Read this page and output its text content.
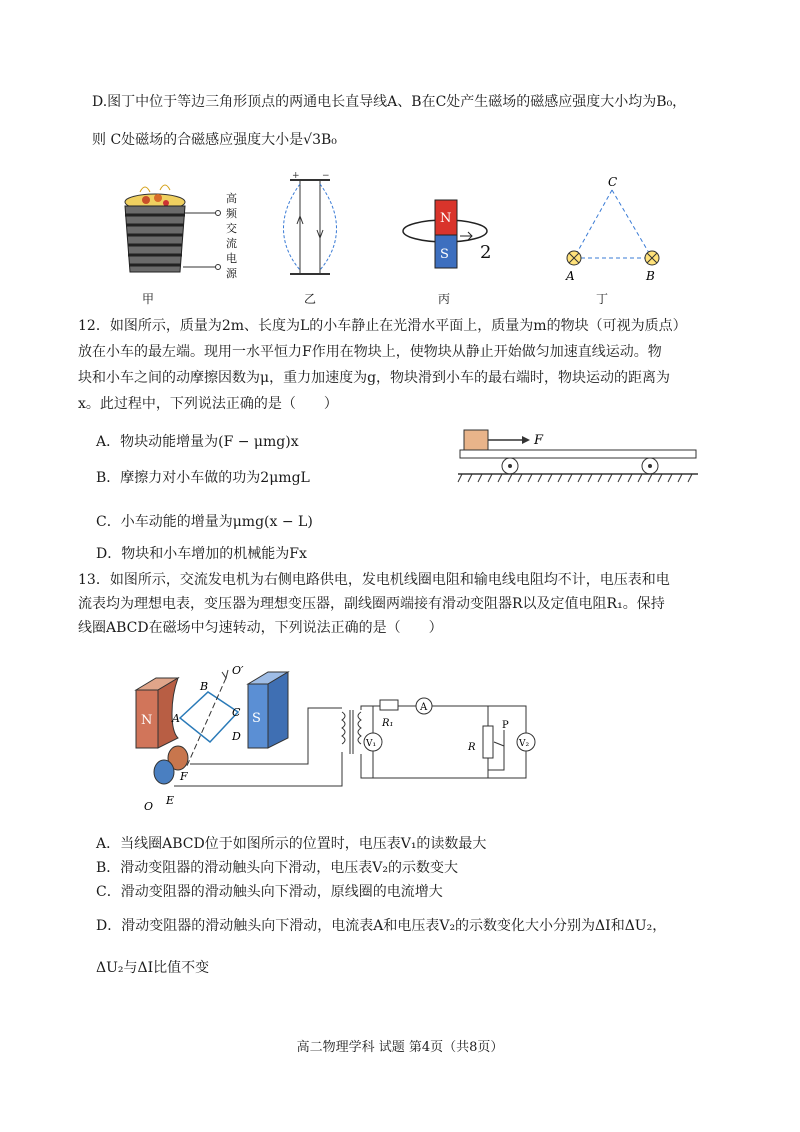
D.图丁中位于等边三角形顶点的两通电长直导线A、B在C处产生磁场的磁感应强度大小均为B₀，
则 C处磁场的合磁感应强度大小是√3B₀
高
频
交
流
电
源
甲
+ −
乙
N
S 2
丙
C
A	B
丁
12．如图所示，质量为2m、长度为L的小车静止在光滑水平面上，质量为m的物块（可视为质点）
放在小车的最左端。现用一水平恒力F作用在物块上，使物块从静止开始做匀加速直线运动。物
块和小车之间的动摩擦因数为μ，重力加速度为g，物块滑到小车的最右端时，物块运动的距离为
x。此过程中，下列说法正确的是（　　）
A．物块动能增量为(F − μmg)x
B．摩擦力对小车做的功为2μmgL
C．小车动能的增量为μmg(x − L)
D．物块和小车增加的机械能为Fx
F
13．如图所示，交流发电机为右侧电路供电，发电机线圈电阻和输电线电阻均不计，电压表和电
流表均为理想电表，变压器为理想变压器，副线圈两端接有滑动变阻器R以及定值电阻R₁。保持
线圈ABCD在磁场中匀速转动，下列说法正确的是（　　）
N	S
O′
B
A	C
D
F
O E
R₁
A
V₁	R
P
V₂
A．当线圈ABCD位于如图所示的位置时，电压表V₁的读数最大
B．滑动变阻器的滑动触头向下滑动，电压表V₂的示数变大
C．滑动变阻器的滑动触头向下滑动，原线圈的电流增大
D．滑动变阻器的滑动触头向下滑动，电流表A和电压表V₂的示数变化大小分别为ΔI和ΔU₂，
ΔU₂与ΔI比值不变
高二物理学科 试题 第4页（共8页）
